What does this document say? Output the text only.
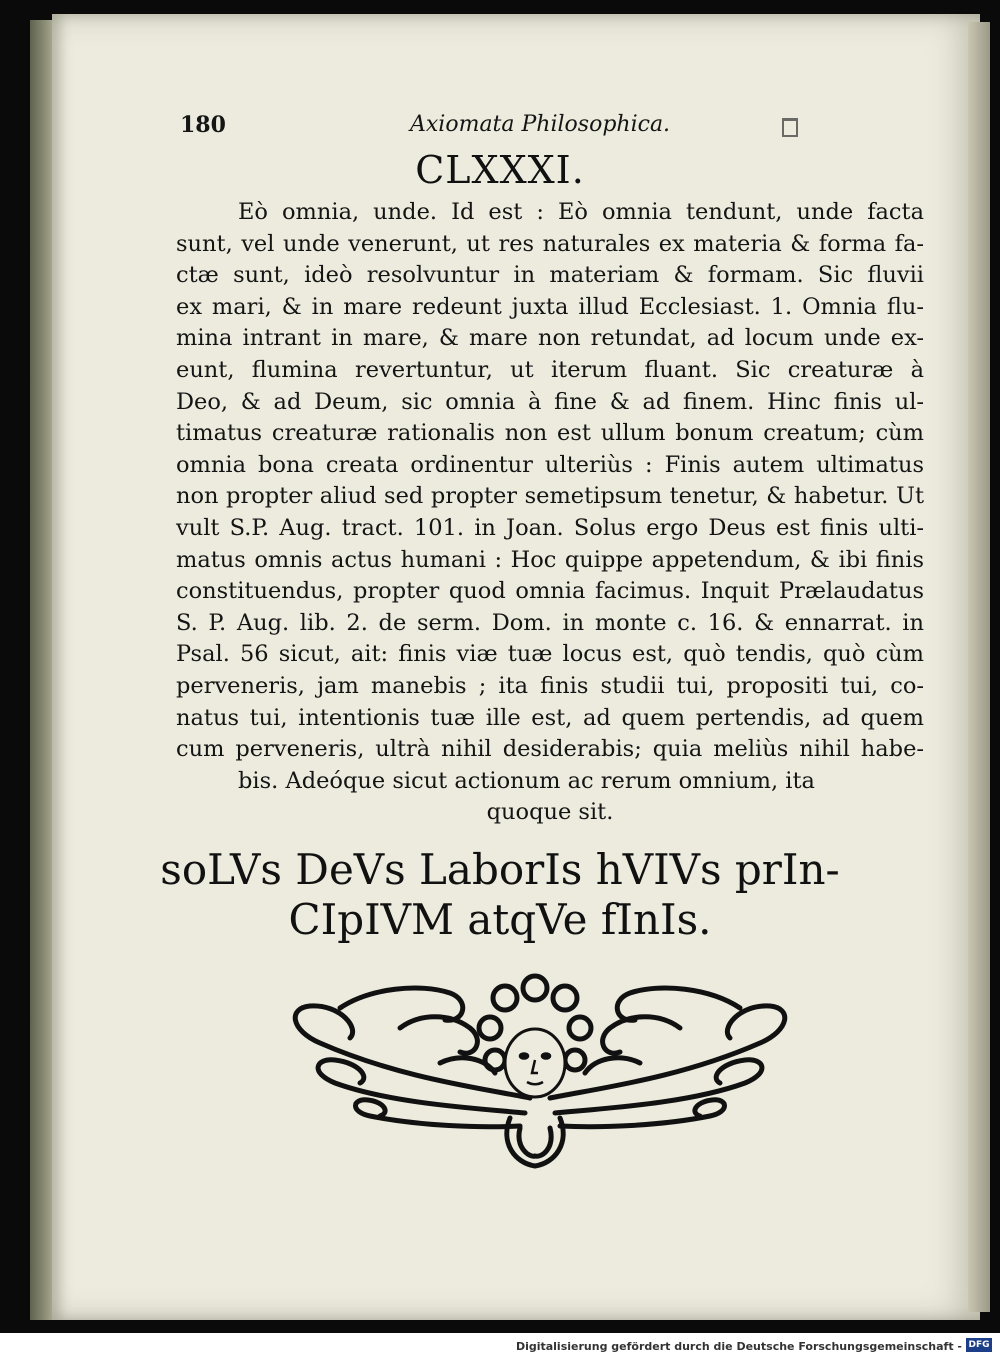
180	Axiomata Philosophica.
CLXXXI.
Eò omnia, unde. Id est : Eò omnia tendunt, unde facta
sunt, vel unde venerunt, ut res naturales ex materia & forma fa-
ctæ sunt, ideò resolvuntur in materiam & formam. Sic fluvii
ex mari, & in mare redeunt juxta illud Ecclesiast. 1. Omnia flu-
mina intrant in mare, & mare non retundat, ad locum unde ex-
eunt, flumina revertuntur, ut iterum fluant. Sic creaturæ à
Deo, & ad Deum, sic omnia à fine & ad finem. Hinc finis ul-
timatus creaturæ rationalis non est ullum bonum creatum; cùm
omnia bona creata ordinentur ulteriùs : Finis autem ultimatus
non propter aliud sed propter semetipsum tenetur, & habetur. Ut
vult S.P. Aug. tract. 101. in Joan. Solus ergo Deus est finis ulti-
matus omnis actus humani : Hoc quippe appetendum, & ibi finis
constituendus, propter quod omnia facimus. Inquit Prælaudatus
S. P. Aug. lib. 2. de serm. Dom. in monte c. 16. & ennarrat. in
Psal. 56 sicut, ait: finis viæ tuæ locus est, quò tendis, quò cùm
perveneris, jam manebis ; ita finis studii tui, propositi tui, co-
natus tui, intentionis tuæ ille est, ad quem pertendis, ad quem
cum perveneris, ultrà nihil desiderabis; quia meliùs nihil habe-
bis. Adeóque sicut actionum ac rerum omnium, ita
quoque sit.
soLVs DeVs LaborIs hVIVs prIn-
CIpIVM atqVe fInIs.
Digitalisierung gefördert durch die Deutsche Forschungsgemeinschaft - DFG
